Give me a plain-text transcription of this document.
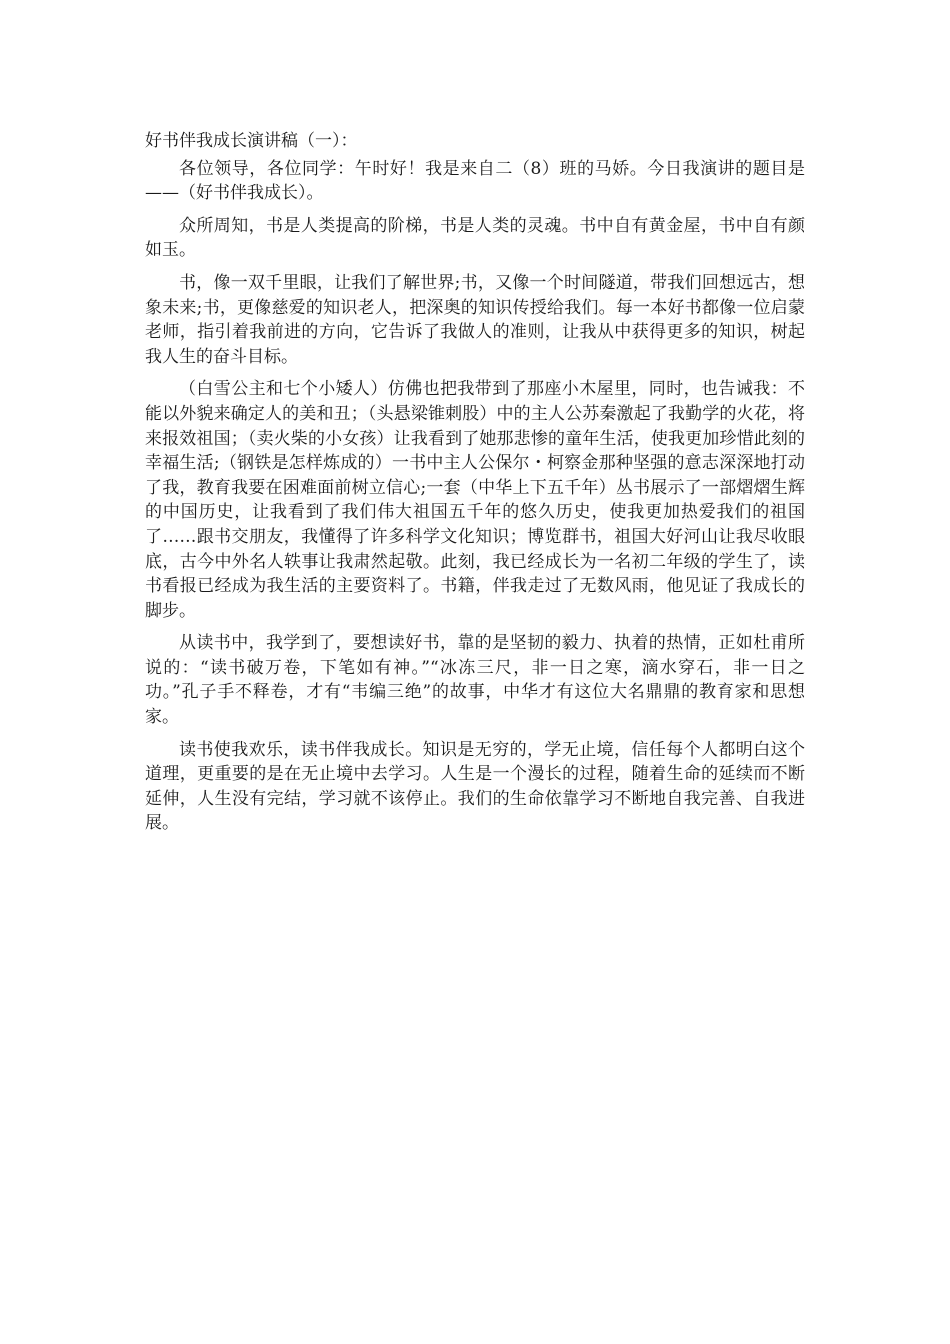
好书伴我成长演讲稿（一）：

各位领导，各位同学：午时好！我是来自二（8）班的马娇。今日我演讲的题目是——（好书伴我成长）。

众所周知，书是人类提高的阶梯，书是人类的灵魂。书中自有黄金屋，书中自有颜如玉。

书，像一双千里眼，让我们了解世界;书，又像一个时间隧道，带我们回想远古，想象未来;书，更像慈爱的知识老人，把深奥的知识传授给我们。每一本好书都像一位启蒙老师，指引着我前进的方向，它告诉了我做人的准则，让我从中获得更多的知识，树起我人生的奋斗目标。

（白雪公主和七个小矮人）仿佛也把我带到了那座小木屋里，同时，也告诫我：不能以外貌来确定人的美和丑；（头悬梁锥刺股）中的主人公苏秦激起了我勤学的火花，将来报效祖国；（卖火柴的小女孩）让我看到了她那悲惨的童年生活，使我更加珍惜此刻的幸福生活;（钢铁是怎样炼成的）一书中主人公保尔・柯察金那种坚强的意志深深地打动了我，教育我要在困难面前树立信心;一套（中华上下五千年）丛书展示了一部熠熠生辉的中国历史，让我看到了我们伟大祖国五千年的悠久历史，使我更加热爱我们的祖国了……跟书交朋友，我懂得了许多科学文化知识；博览群书，祖国大好河山让我尽收眼底，古今中外名人轶事让我肃然起敬。此刻，我已经成长为一名初二年级的学生了，读书看报已经成为我生活的主要资料了。书籍，伴我走过了无数风雨，他见证了我成长的脚步。

从读书中，我学到了，要想读好书，靠的是坚韧的毅力、执着的热情，正如杜甫所说的：“读书破万卷，下笔如有神。”“冰冻三尺，非一日之寒，滴水穿石，非一日之功。”孔子手不释卷，才有“韦编三绝”的故事，中华才有这位大名鼎鼎的教育家和思想家。

读书使我欢乐，读书伴我成长。知识是无穷的，学无止境，信任每个人都明白这个道理，更重要的是在无止境中去学习。人生是一个漫长的过程，随着生命的延续而不断延伸，人生没有完结，学习就不该停止。我们的生命依靠学习不断地自我完善、自我进展。
